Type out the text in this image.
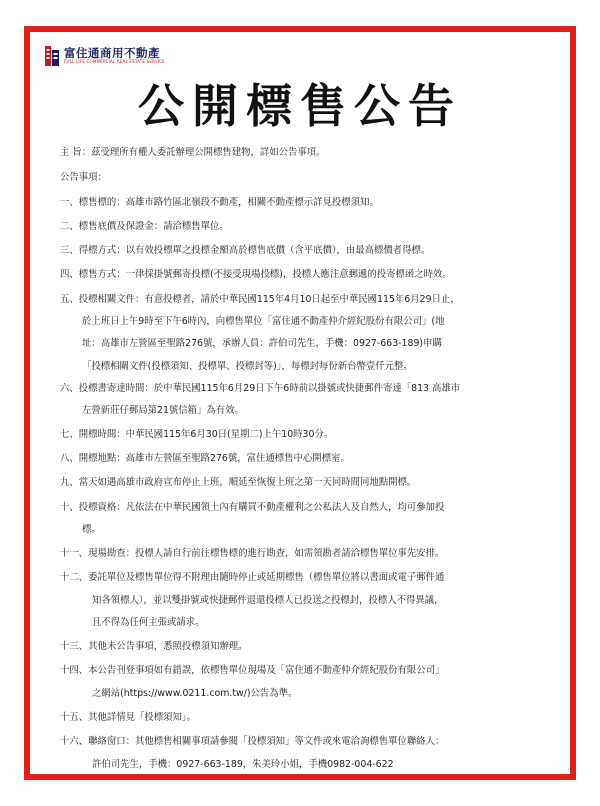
富住通商用不動產
FULL LIFE COMMERCIAL REAL ESTATE SERVICE
公開標售公告
主 旨：茲受理所有權人委託辦理公開標售建物，詳如公告事項。
公告事項：
一、標售標的：高雄市路竹區北嶺段不動產，相關不動產標示詳見投標須知。
二、標售底價及保證金：請洽標售單位。
三、得標方式：以有效投標單之投標金額高於標售底價（含平底價），由最高標價者得標。
四、標售方式：一律採掛號郵寄投標(不接受現場投標)，投標人應注意郵遞的投寄標函之時效。
五、投標相關文件：有意投標者，請於中華民國115年4月10日起至中華民國115年6月29日止，
於上班日上午9時至下午6時內，向標售單位「富住通不動產仲介經紀股份有限公司」(地
址：高雄市左營區至聖路276號，承辦人員：許伯司先生，手機：0927-663-189)申購
「投標相關文件(投標須知、投標單、投標封等)」，每標封每份新台幣壹仟元整。
六、投標書寄達時間：於中華民國115年6月29日下午6時前以掛號或快捷郵件寄達「813 高雄市
左營新莊仔郵局第21號信箱」為有效。
七、開標時間：中華民國115年6月30日(星期二)上午10時30分。
八、開標地點：高雄市左營區至聖路276號，富住通標售中心開標室。
九、當天如遇高雄市政府宣布停止上班，順延至恢復上班之第一天同時間同地點開標。
十、投標資格：凡依法在中華民國領土內有購買不動產權利之公私法人及自然人，均可參加投
標。
十一、現場勘查：投標人請自行前往標售標的進行勘查，如需領勘者請洽標售單位事先安排。
十二、委託單位及標售單位得不附理由隨時停止或延期標售（標售單位將以書面或電子郵件通
知各領標人），並以雙掛號或快捷郵件退還投標人已投送之投標封，投標人不得異議，
且不得為任何主張或請求。
十三、其他未公告事項，悉照投標須知辦理。
十四、本公告刊登事項如有錯誤，依標售單位現場及「富住通不動產仲介經紀股份有限公司」
之網站(https://www.0211.com.tw/)公告為準。
十五、其他詳情見「投標須知」。
十六、聯絡窗口：其他標售相關事項請參閱「投標須知」等文件或來電洽詢標售單位聯絡人：
許伯司先生，手機：0927-663-189，朱美玲小姐，手機0982-004-622
